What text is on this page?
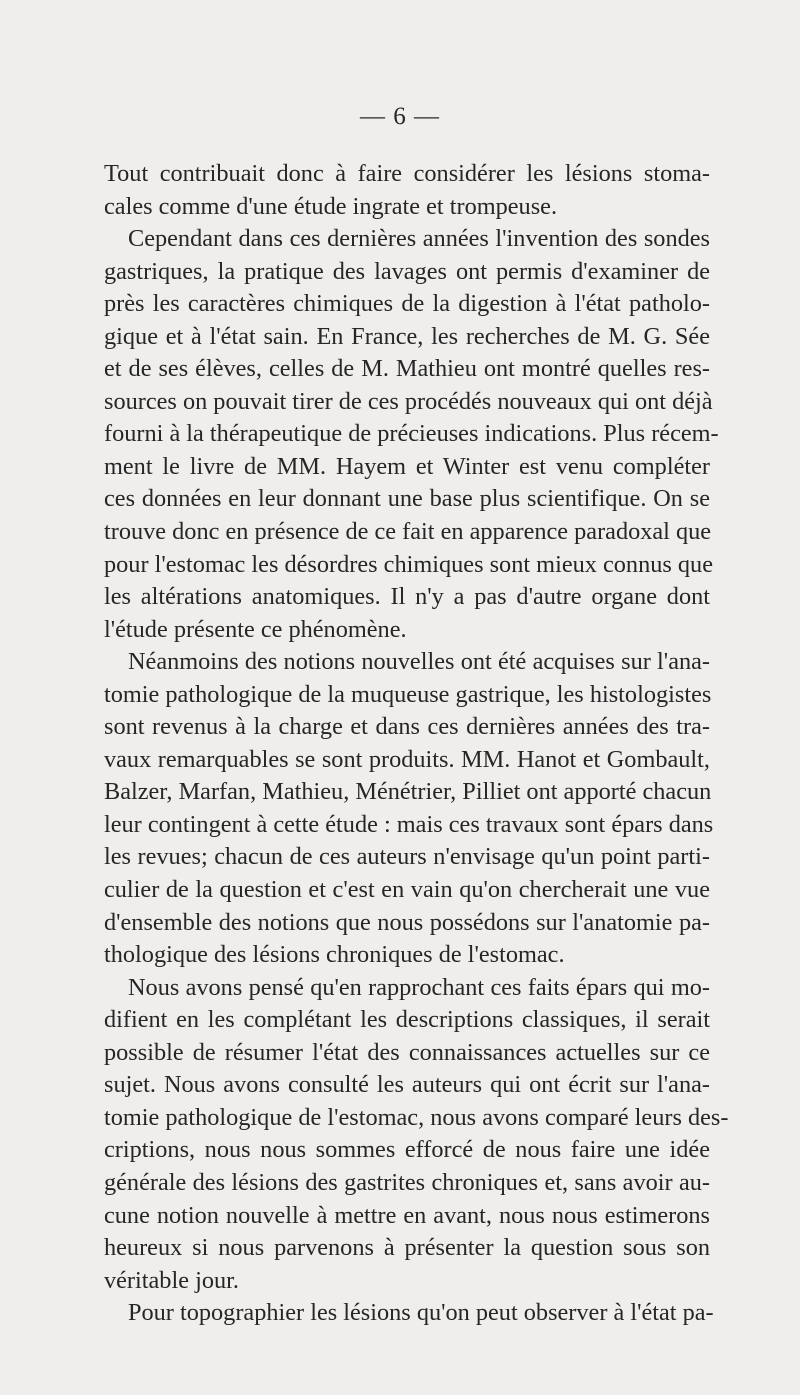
— 6 —
Tout contribuait donc à faire considérer les lésions stoma-
cales comme d'une étude ingrate et trompeuse.
Cependant dans ces dernières années l'invention des sondes
gastriques, la pratique des lavages ont permis d'examiner de
près les caractères chimiques de la digestion à l'état patholo-
gique et à l'état sain. En France, les recherches de M. G. Sée
et de ses élèves, celles de M. Mathieu ont montré quelles res-
sources on pouvait tirer de ces procédés nouveaux qui ont déjà
fourni à la thérapeutique de précieuses indications. Plus récem-
ment le livre de MM. Hayem et Winter est venu compléter
ces données en leur donnant une base plus scientifique. On se
trouve donc en présence de ce fait en apparence paradoxal que
pour l'estomac les désordres chimiques sont mieux connus que
les altérations anatomiques. Il n'y a pas d'autre organe dont
l'étude présente ce phénomène.
Néanmoins des notions nouvelles ont été acquises sur l'ana-
tomie pathologique de la muqueuse gastrique, les histologistes
sont revenus à la charge et dans ces dernières années des tra-
vaux remarquables se sont produits. MM. Hanot et Gombault,
Balzer, Marfan, Mathieu, Ménétrier, Pilliet ont apporté chacun
leur contingent à cette étude : mais ces travaux sont épars dans
les revues; chacun de ces auteurs n'envisage qu'un point parti-
culier de la question et c'est en vain qu'on chercherait une vue
d'ensemble des notions que nous possédons sur l'anatomie pa-
thologique des lésions chroniques de l'estomac.
Nous avons pensé qu'en rapprochant ces faits épars qui mo-
difient en les complétant les descriptions classiques, il serait
possible de résumer l'état des connaissances actuelles sur ce
sujet. Nous avons consulté les auteurs qui ont écrit sur l'ana-
tomie pathologique de l'estomac, nous avons comparé leurs des-
criptions, nous nous sommes efforcé de nous faire une idée
générale des lésions des gastrites chroniques et, sans avoir au-
cune notion nouvelle à mettre en avant, nous nous estimerons
heureux si nous parvenons à présenter la question sous son
véritable jour.
Pour topographier les lésions qu'on peut observer à l'état pa-
